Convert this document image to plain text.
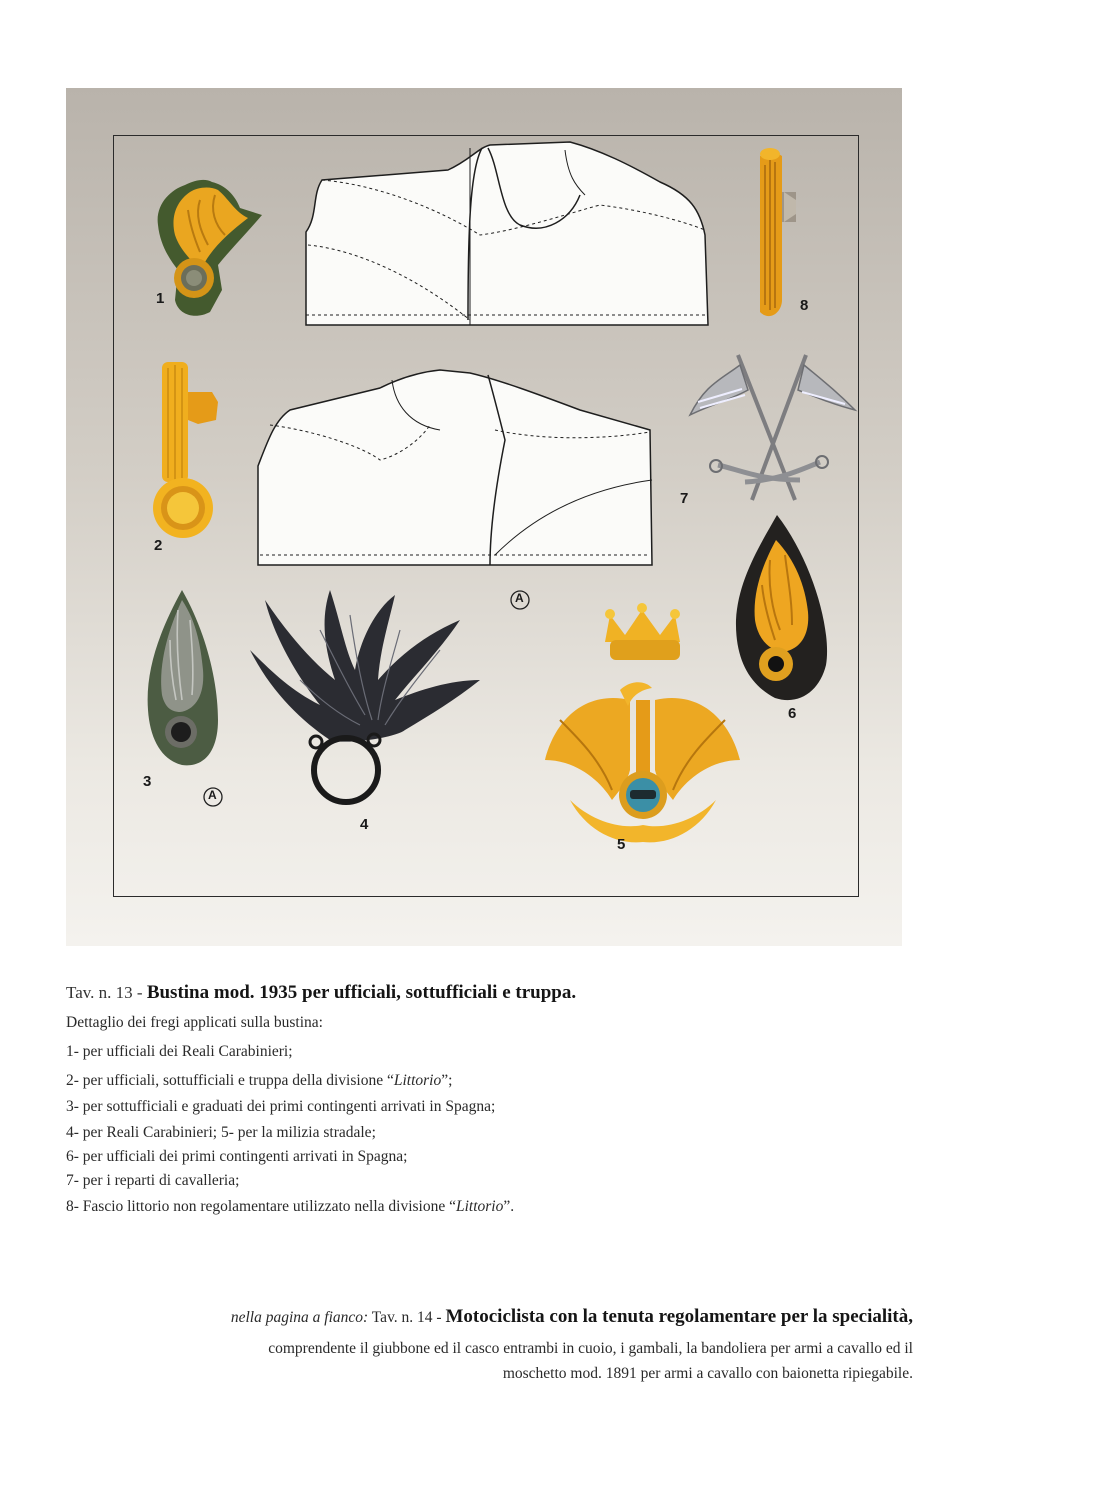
A
A
1
2
3
4
5
6
7
8
Tav. n. 13 - Bustina mod. 1935 per ufficiali, sottufficiali e truppa.
Dettaglio dei fregi applicati sulla bustina:
1- per ufficiali dei Reali Carabinieri;
2- per ufficiali, sottufficiali e truppa della divisione “Littorio”;
3- per sottufficiali e graduati dei primi contingenti arrivati in Spagna;
4- per Reali Carabinieri; 5- per la milizia stradale;
6- per ufficiali dei primi contingenti arrivati in Spagna;
7- per i reparti di cavalleria;
8- Fascio littorio non regolamentare utilizzato nella divisione “Littorio”.
nella pagina a fianco: Tav. n. 14 - Motociclista con la tenuta regolamentare per la specialità,
comprendente il giubbone ed il casco entrambi in cuoio, i gambali, la bandoliera per armi a cavallo ed il
moschetto mod. 1891 per armi a cavallo con baionetta ripiegabile.
